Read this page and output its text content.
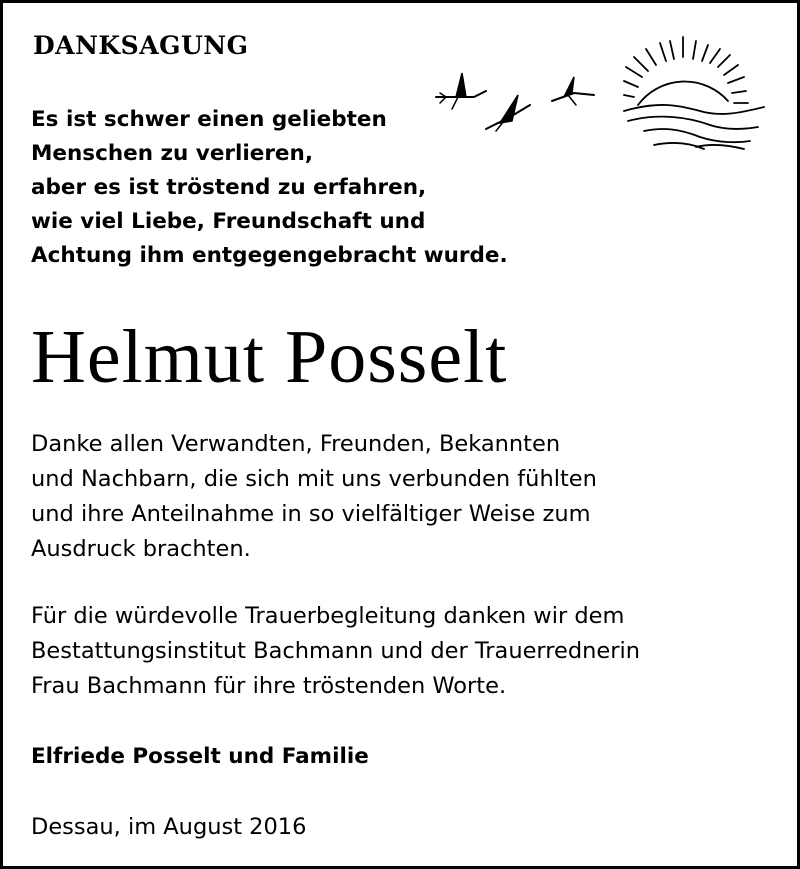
DANKSAGUNG
Es ist schwer einen geliebten
Menschen zu verlieren,
aber es ist tröstend zu erfahren,
wie viel Liebe, Freundschaft und
Achtung ihm entgegengebracht wurde.
Helmut Posselt
Danke allen Verwandten, Freunden, Bekannten
und Nachbarn, die sich mit uns verbunden fühlten
und ihre Anteilnahme in so vielfältiger Weise zum
Ausdruck brachten.
Für die würdevolle Trauerbegleitung danken wir dem
Bestattungsinstitut Bachmann und der Trauerrednerin
Frau Bachmann für ihre tröstenden Worte.
Elfriede Posselt und Familie
Dessau, im August 2016
